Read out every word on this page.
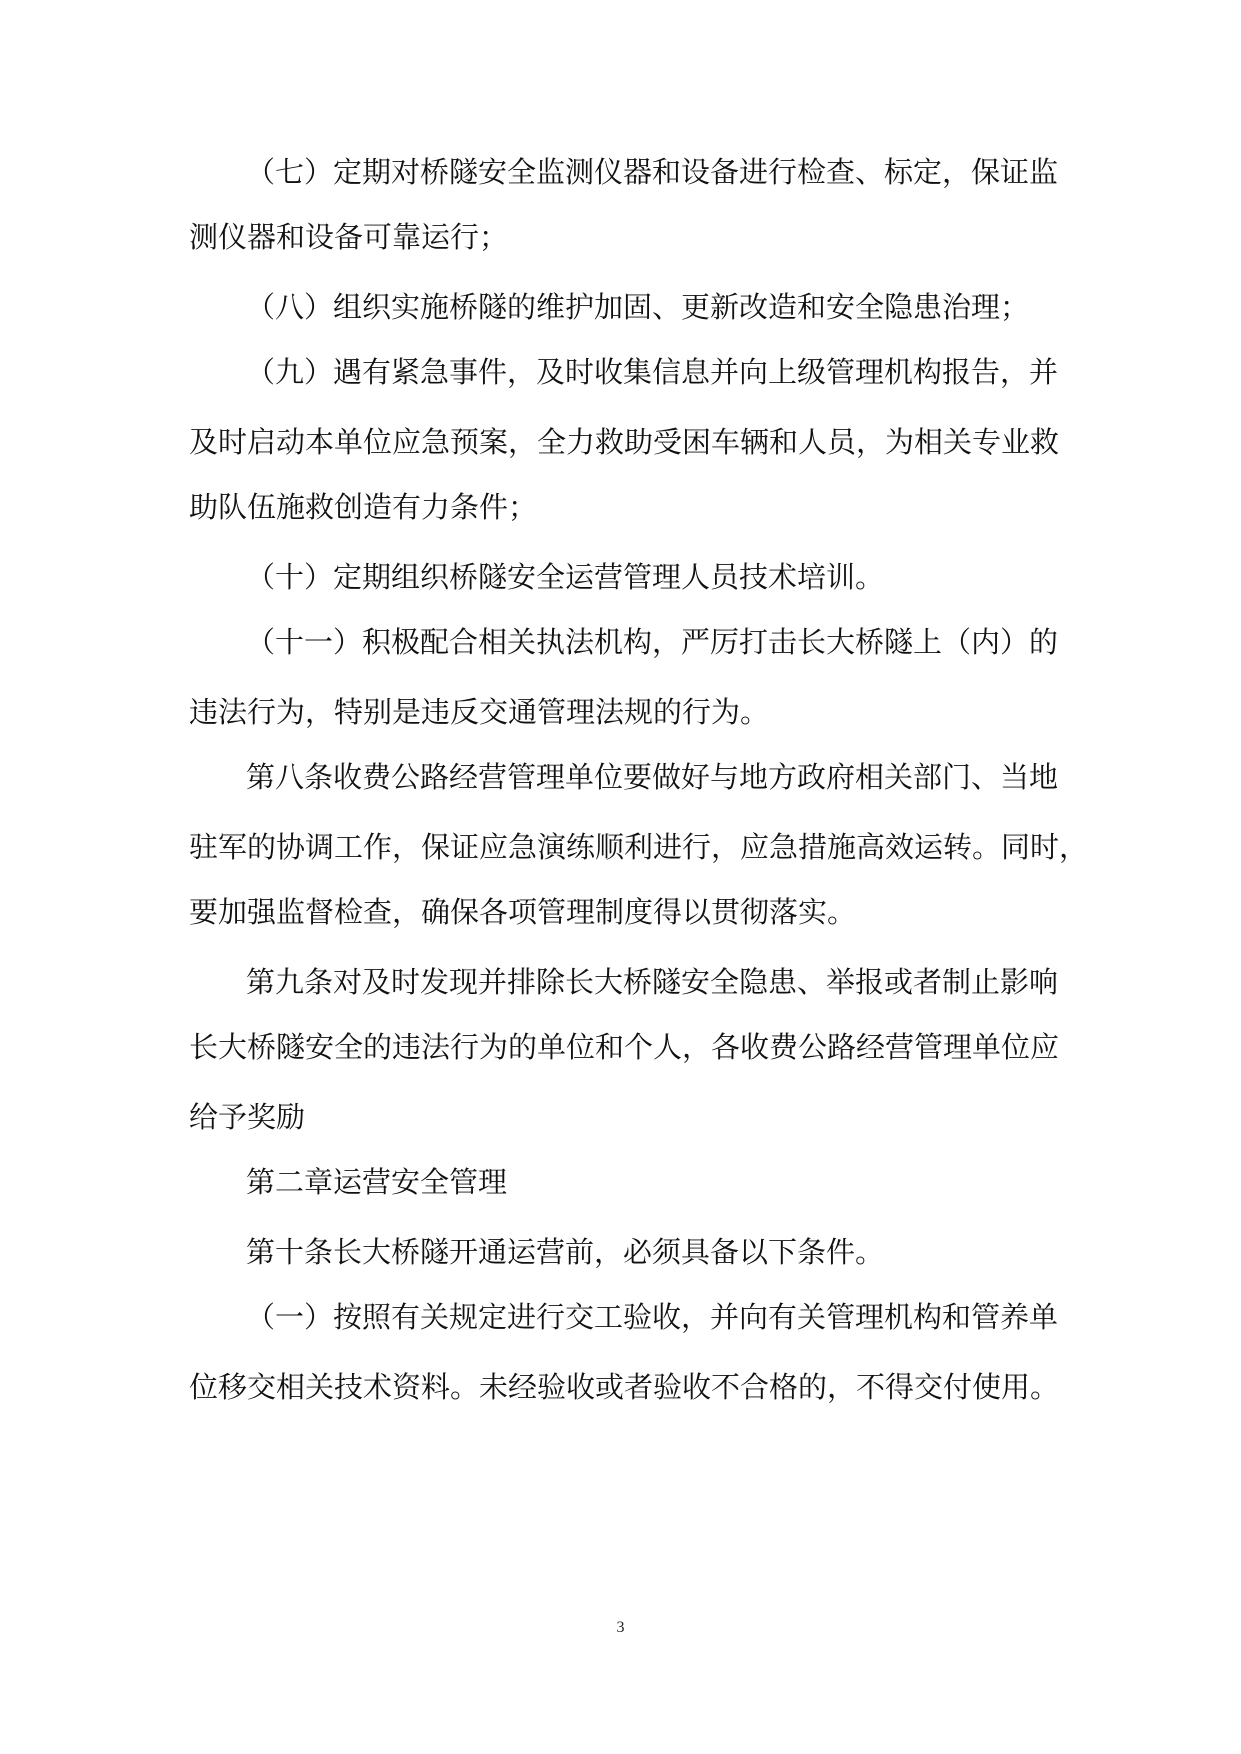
（七）定期对桥隧安全监测仪器和设备进行检查、标定，保证监
测仪器和设备可靠运行；
（八）组织实施桥隧的维护加固、更新改造和安全隐患治理；
（九）遇有紧急事件，及时收集信息并向上级管理机构报告，并
及时启动本单位应急预案，全力救助受困车辆和人员，为相关专业救
助队伍施救创造有力条件；
（十）定期组织桥隧安全运营管理人员技术培训。
（十一）积极配合相关执法机构，严厉打击长大桥隧上（内）的
违法行为，特别是违反交通管理法规的行为。
第八条收费公路经营管理单位要做好与地方政府相关部门、当地
驻军的协调工作，保证应急演练顺利进行，应急措施高效运转。同时，
要加强监督检查，确保各项管理制度得以贯彻落实。
第九条对及时发现并排除长大桥隧安全隐患、举报或者制止影响
长大桥隧安全的违法行为的单位和个人，各收费公路经营管理单位应
给予奖励
第二章运营安全管理
第十条长大桥隧开通运营前，必须具备以下条件。
（一）按照有关规定进行交工验收，并向有关管理机构和管养单
位移交相关技术资料。未经验收或者验收不合格的，不得交付使用。
3
